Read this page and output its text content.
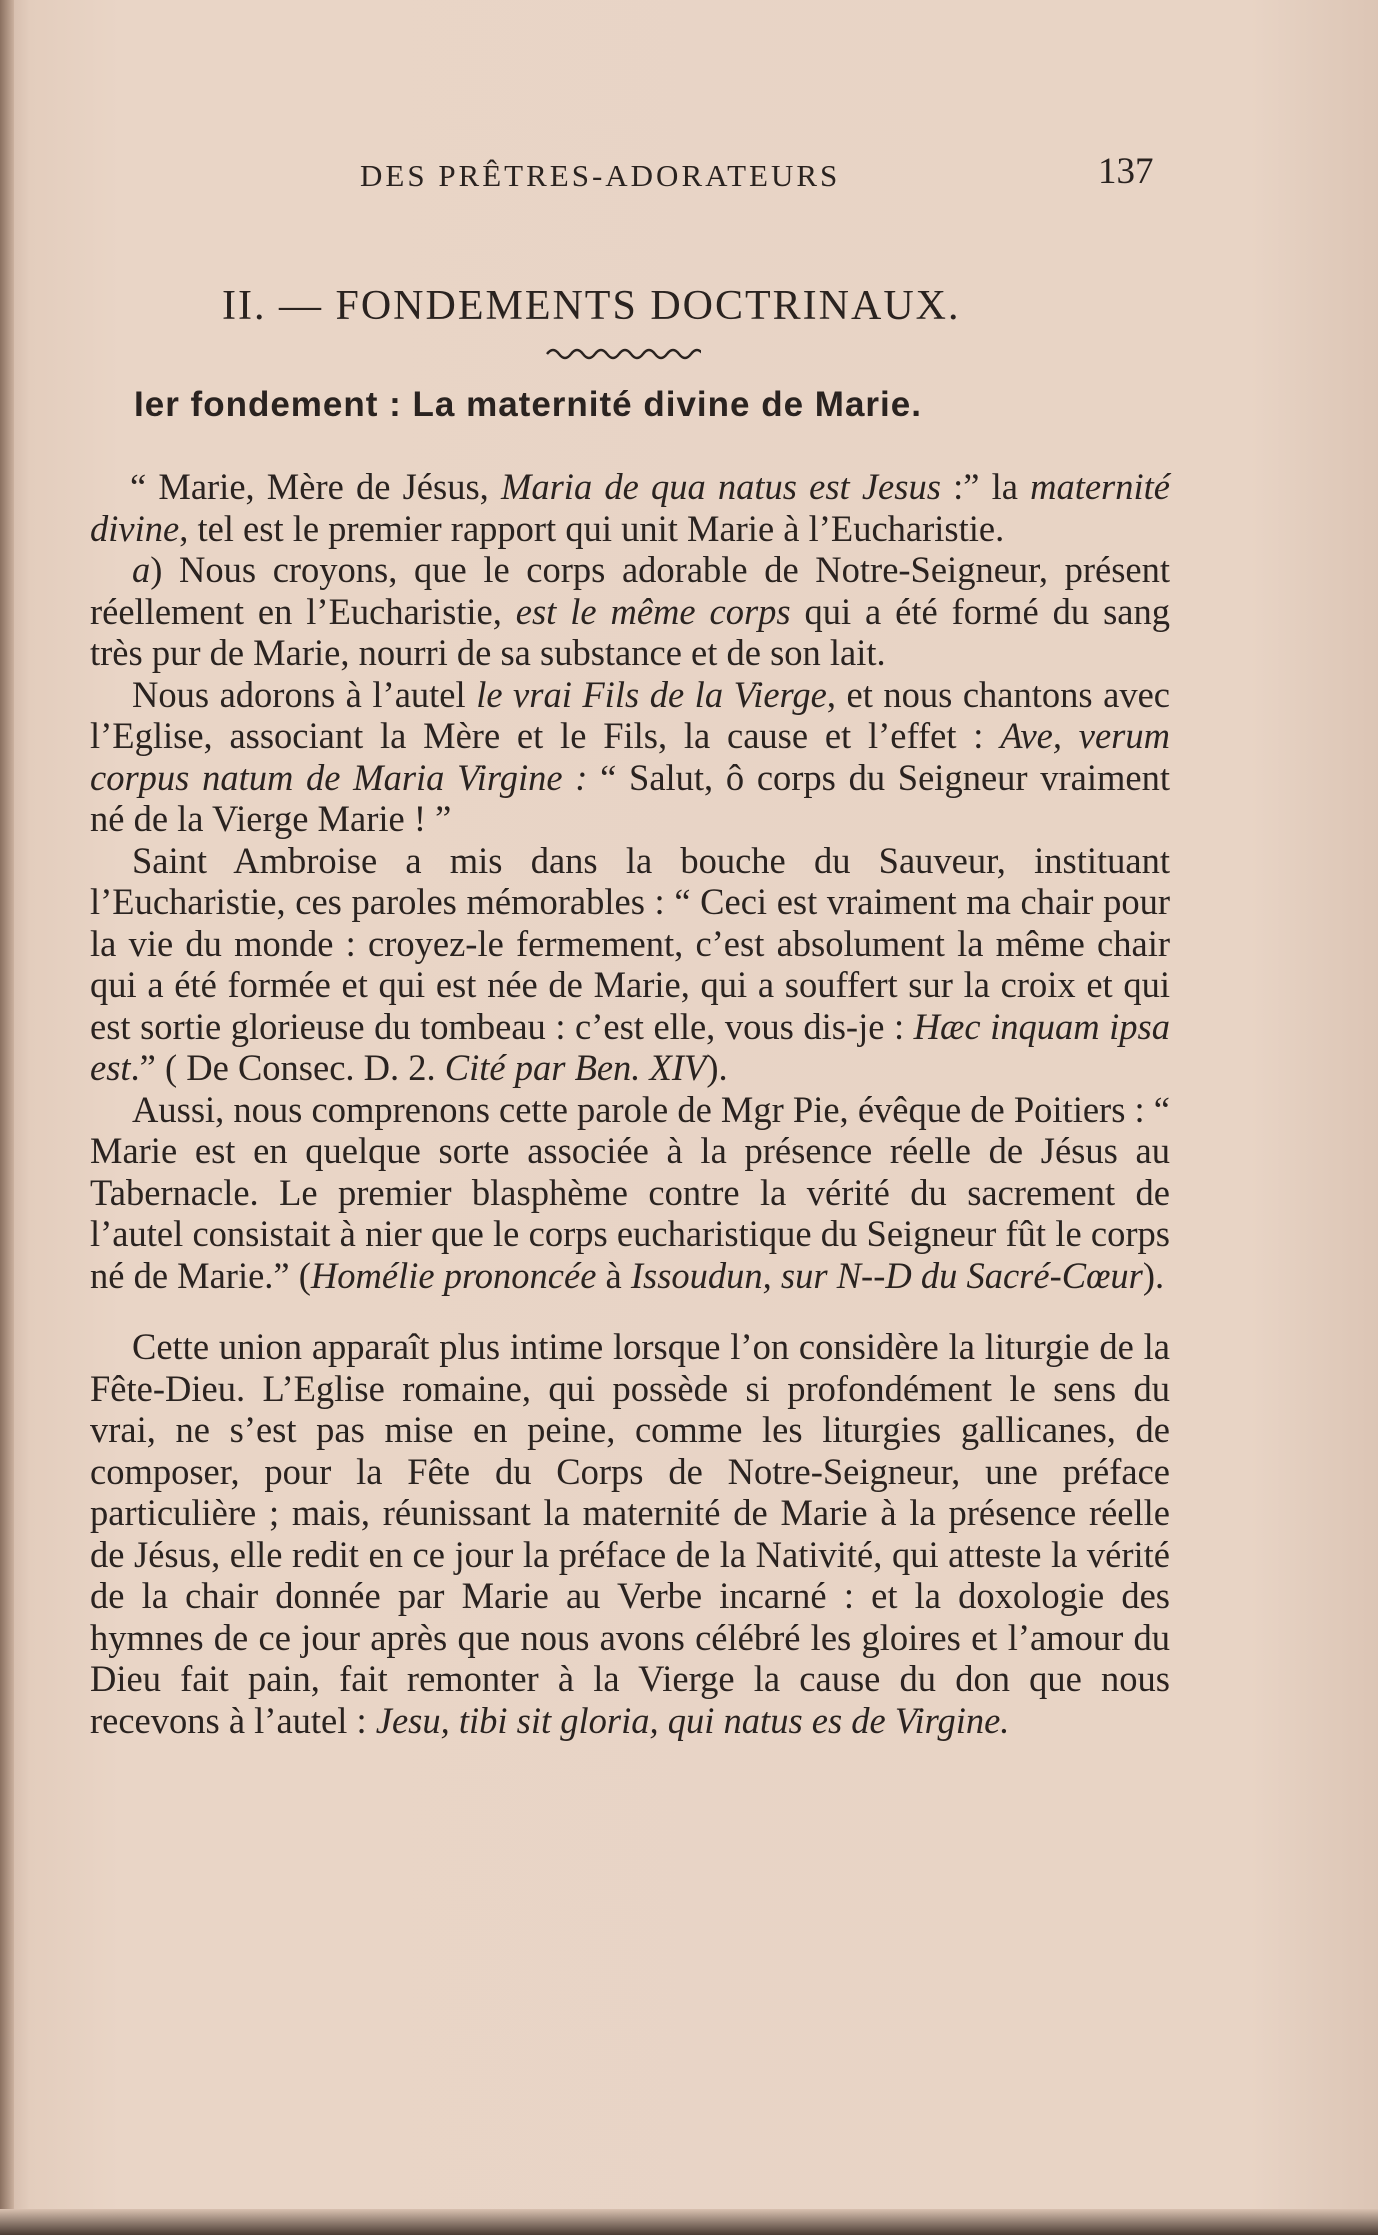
DES PRÊTRES-ADORATEURS	137
II. — FONDEMENTS DOCTRINAUX.
Ier fondement : La maternité divine de Marie.

“ Marie, Mère de Jésus, Maria de qua natus est Jesus :” la maternité divine, tel est le premier rapport qui unit Marie à l’Eucharistie.

a) Nous croyons, que le corps adorable de Notre-Seigneur, présent réellement en l’Eucharistie, est le même corps qui a été formé du sang très pur de Marie, nourri de sa substance et de son lait.

Nous adorons à l’autel le vrai Fils de la Vierge, et nous chantons avec l’Eglise, associant la Mère et le Fils, la cause et l’effet : Ave, verum corpus natum de Maria Virgine : “ Salut, ô corps du Seigneur vraiment né de la Vierge Marie ! ”

Saint Ambroise a mis dans la bouche du Sauveur, instituant l’Eucharistie, ces paroles mémorables : “ Ceci est vraiment ma chair pour la vie du monde : croyez-le fermement, c’est absolument la même chair qui a été formée et qui est née de Marie, qui a souffert sur la croix et qui est sortie glorieuse du tombeau : c’est elle, vous dis-je : Hæc inquam ipsa est.” ( De Consec. D. 2. Cité par Ben. XIV).

Aussi, nous comprenons cette parole de Mgr Pie, évêque de Poitiers : “ Marie est en quelque sorte associée à la présence réelle de Jésus au Tabernacle. Le premier blasphème contre la vérité du sacrement de l’autel consistait à nier que le corps eucharistique du Seigneur fût le corps né de Marie.” (Homélie prononcée à Issoudun, sur N--D du Sacré-Cœur).

Cette union apparaît plus intime lorsque l’on considère la liturgie de la Fête-Dieu. L’Eglise romaine, qui possède si profondément le sens du vrai, ne s’est pas mise en peine, comme les liturgies gallicanes, de composer, pour la Fête du Corps de Notre-Seigneur, une préface particulière ; mais, réunissant la maternité de Marie à la présence réelle de Jésus, elle redit en ce jour la préface de la Nativité, qui atteste la vérité de la chair donnée par Marie au Verbe incarné : et la doxologie des hymnes de ce jour après que nous avons célébré les gloires et l’amour du Dieu fait pain, fait remonter à la Vierge la cause du don que nous recevons à l’autel : Jesu, tibi sit gloria, qui natus es de Virgine.
